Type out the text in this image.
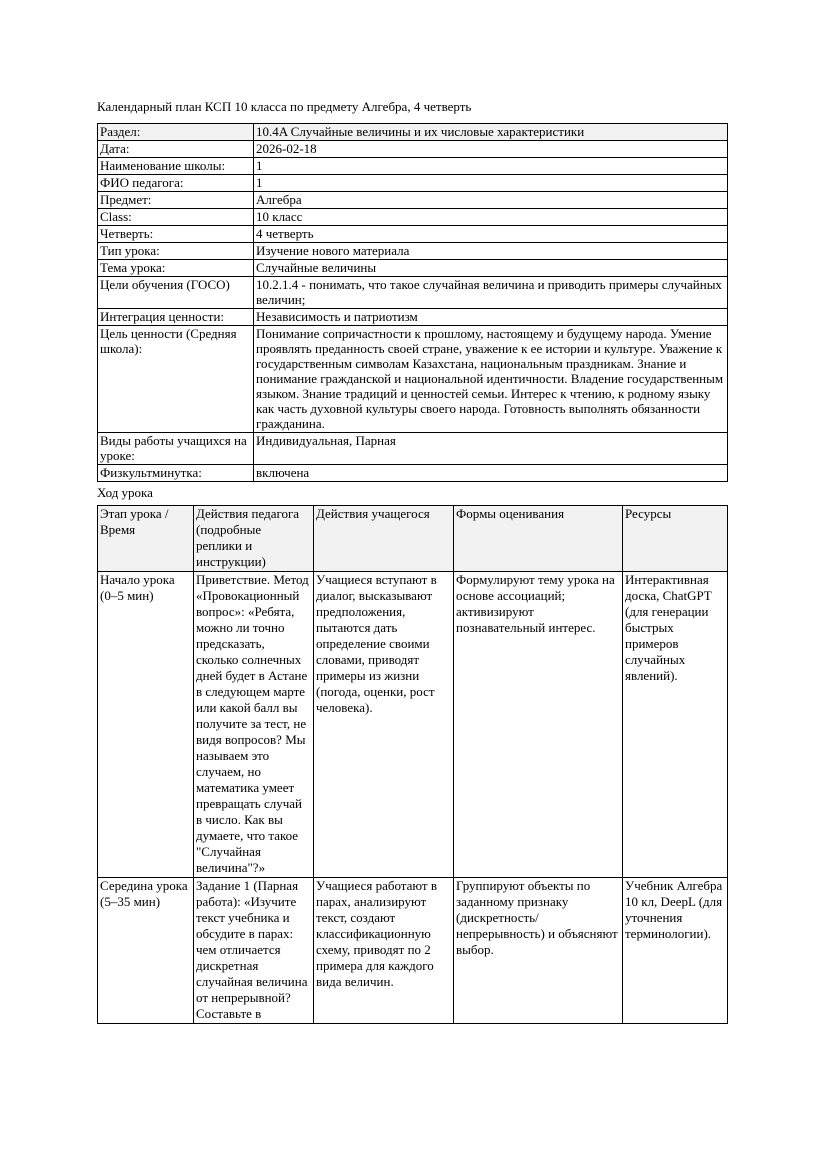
Календарный план КСП 10 класса по предмету Алгебра, 4 четверть
Раздел:	10.4A Случайные величины и их числовые характеристики
Дата:	2026-02-18
Наименование школы:	1
ФИО педагога:	1
Предмет:	Алгебра
Class:	10 класс
Четверть:	4 четверть
Тип урока:	Изучение нового материала
Тема урока:	Случайные величины
Цели обучения (ГОСО)	10.2.1.4 - понимать, что такое случайная величина и приводить примеры случайных величин;
Интеграция ценности:	Независимость и патриотизм
Цель ценности (Средняя школа):	Понимание сопричастности к прошлому, настоящему и будущему народа. Умение проявлять преданность своей стране, уважение к ее истории и культуре. Уважение к государственным символам Казахстана, национальным праздникам. Знание и понимание гражданской и национальной идентичности. Владение государственным языком. Знание традиций и ценностей семьи. Интерес к чтению, к родному языку как часть духовной культуры своего народа. Готовность выполнять обязанности гражданина.
Виды работы учащихся на уроке:	Индивидуальная, Парная
Физкультминутка:	включена
Ход урока
Этап урока / Время	Действия педагога (подробные реплики и инструкции)	Действия учащегося	Формы оценивания	Ресурсы
Начало урока (0–5 мин)	Приветствие. Метод «Провокационный вопрос»: «Ребята, можно ли точно предсказать, сколько солнечных дней будет в Астане в следующем марте или какой балл вы получите за тест, не видя вопросов? Мы называем это случаем, но математика умеет превращать случай в число. Как вы думаете, что такое "Случайная величина"?»	Учащиеся вступают в диалог, высказывают предположения, пытаются дать определение своими словами, приводят примеры из жизни (погода, оценки, рост человека).	Формулируют тему урока на основе ассоциаций; активизируют познавательный интерес.	Интерактивная доска, ChatGPT (для генерации быстрых примеров случайных явлений).
Середина урока (5–35 мин)	Задание 1 (Парная работа): «Изучите текст учебника и обсудите в парах: чем отличается дискретная случайная величина от непрерывной? Составьте в	Учащиеся работают в парах, анализируют текст, создают классификационную схему, приводят по 2 примера для каждого вида величин.	Группируют объекты по заданному признаку (дискретность/непрерывность) и объясняют выбор.	Учебник Алгебра 10 кл, DeepL (для уточнения терминологии).
